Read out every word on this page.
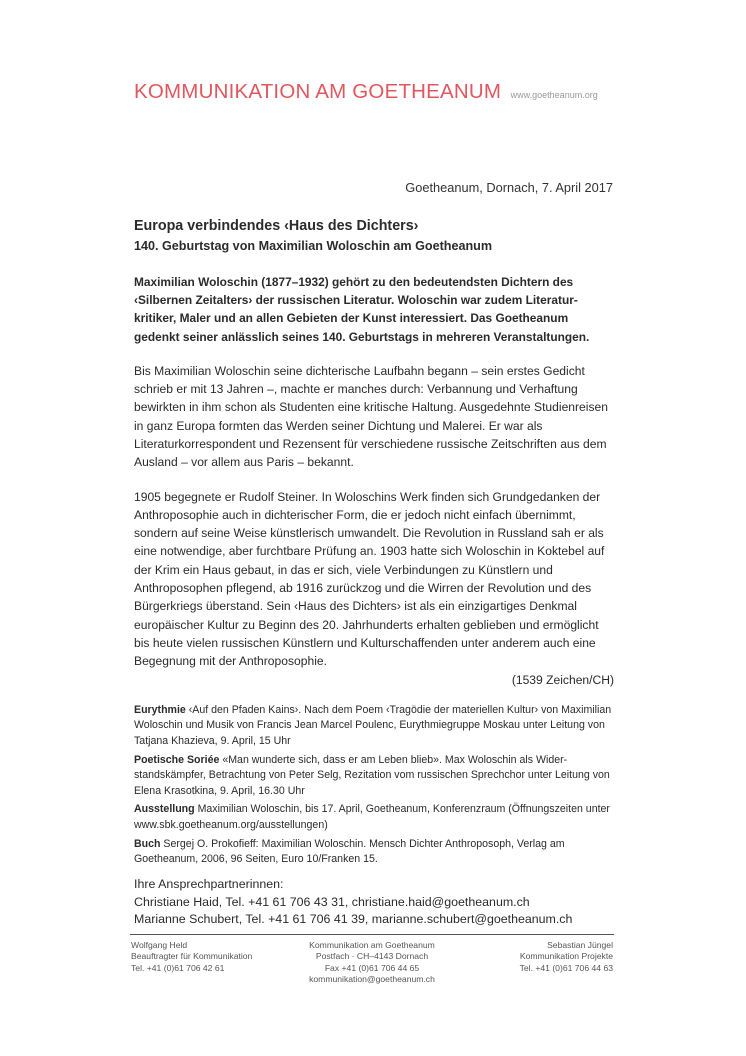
KOMMUNIKATION AM GOETHEANUM www.goetheanum.org
Goetheanum, Dornach, 7. April 2017
Europa verbindendes ‹Haus des Dichters›
140. Geburtstag von Maximilian Woloschin am Goetheanum

Maximilian Woloschin (1877–1932) gehört zu den bedeutendsten Dichtern des ‹Silbernen Zeitalters› der russischen Literatur. Woloschin war zudem Literaturkritiker, Maler und an allen Gebieten der Kunst interessiert. Das Goetheanum gedenkt seiner anlässlich seines 140. Geburtstags in mehreren Veranstaltungen.

Bis Maximilian Woloschin seine dichterische Laufbahn begann – sein erstes Gedicht schrieb er mit 13 Jahren –, machte er manches durch: Verbannung und Verhaftung bewirkten in ihm schon als Studenten eine kritische Haltung. Ausgedehnte Studienreisen in ganz Europa formten das Werden seiner Dichtung und Malerei. Er war als Literaturkorrespondent und Rezensent für verschiedene russische Zeitschriften aus dem Ausland – vor allem aus Paris – bekannt.

1905 begegnete er Rudolf Steiner. In Woloschins Werk finden sich Grundgedanken der Anthroposophie auch in dichterischer Form, die er jedoch nicht einfach übernimmt, sondern auf seine Weise künstlerisch umwandelt. Die Revolution in Russland sah er als eine notwendige, aber furchtbare Prüfung an. 1903 hatte sich Woloschin in Koktebel auf der Krim ein Haus gebaut, in das er sich, viele Verbindungen zu Künstlern und Anthroposophen pflegend, ab 1916 zurückzog und die Wirren der Revolution und des Bürgerkriegs überstand. Sein ‹Haus des Dichters› ist als ein einzigartiges Denkmal europäischer Kultur zu Beginn des 20. Jahrhunderts erhalten geblieben und ermöglicht bis heute vielen russischen Künstlern und Kulturschaffenden unter anderem auch eine Begegnung mit der Anthroposophie.
(1539 Zeichen/CH)

Eurythmie ‹Auf den Pfaden Kains›. Nach dem Poem ‹Tragödie der materiellen Kultur› von Maximilian Woloschin und Musik von Francis Jean Marcel Poulenc, Eurythmiegruppe Moskau unter Leitung von Tatjana Khazieva, 9. April, 15 Uhr

Poetische Soriée «Man wunderte sich, dass er am Leben blieb». Max Woloschin als Widerstandskämpfer, Betrachtung von Peter Selg, Rezitation vom russischen Sprechchor unter Leitung von Elena Krasotkina, 9. April, 16.30 Uhr

Ausstellung Maximilian Woloschin, bis 17. April, Goetheanum, Konferenzraum (Öffnungszeiten unter www.sbk.goetheanum.org/ausstellungen)

Buch Sergej O. Prokofieff: Maximilian Woloschin. Mensch Dichter Anthroposoph, Verlag am Goetheanum, 2006, 96 Seiten, Euro 10/Franken 15.

Ihre Ansprechpartnerinnen:
Christiane Haid, Tel. +41 61 706 43 31, christiane.haid@goetheanum.ch
Marianne Schubert, Tel. +41 61 706 41 39, marianne.schubert@goetheanum.ch
Wolfgang Held
Beauftragter für Kommunikation
Tel. +41 (0)61 706 42 61
Kommunikation am Goetheanum
Postfach · CH–4143 Dornach
Fax +41 (0)61 706 44 65
kommunikation@goetheanum.ch
Sebastian Jüngel
Kommunikation Projekte
Tel. +41 (0)61 706 44 63
